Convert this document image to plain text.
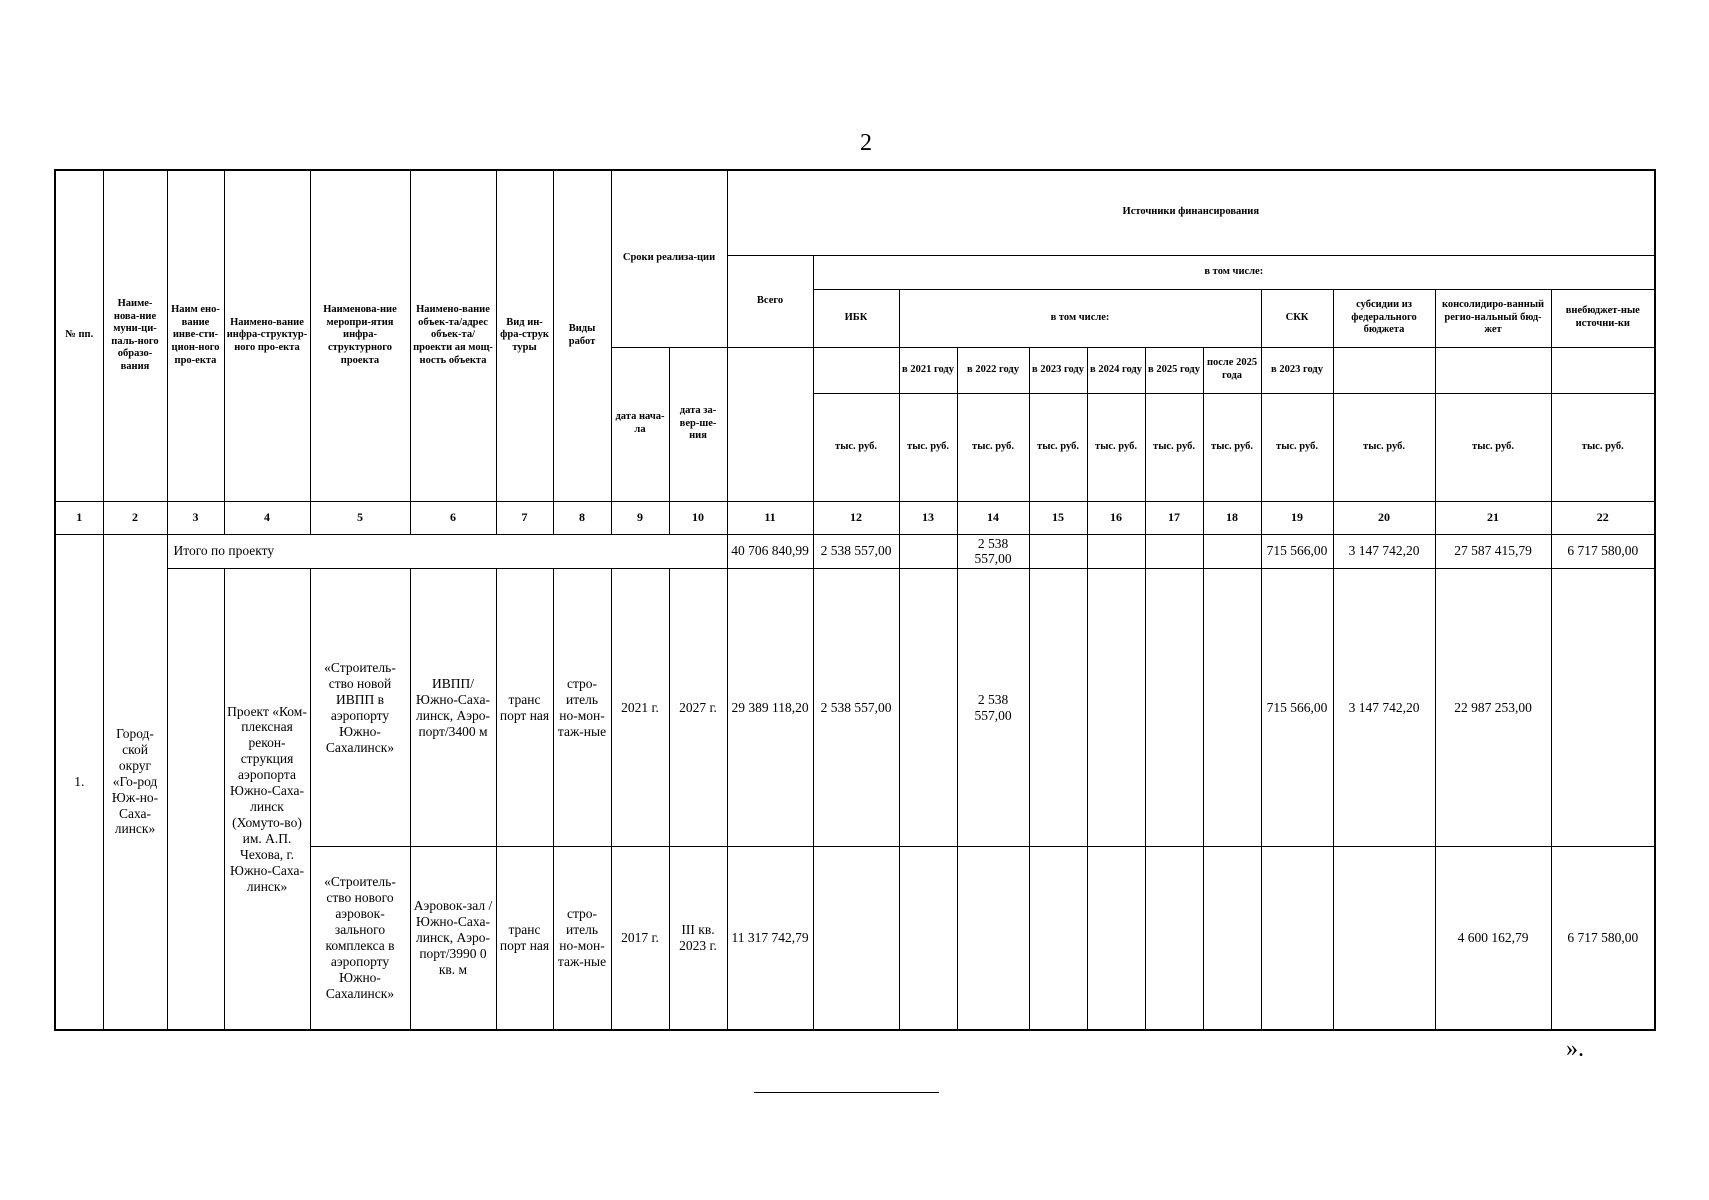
2
№ пп.	Наиме-нова-ние муни-ци-паль-ного образо-вания	Наим ено-вание инве-сти-цион-ного про-екта	Наимено-вание инфра-структур-ного про-екта	Наименова-ние меропри-ятия инфра-структурного проекта	Наимено-вание объек-та/адрес объек-та/проекти ая мощ-ность объекта	Вид ин-фра-струк туры	Виды работ	Сроки реализа-ции		Источники финансирования											
										Всего	в том числе:										
											ИБК	в том числе:						СКК	субсидии из федерального бюджета	консолидиро-ванный регио-нальный бюд-жет	внебюджет-ные источни-ки
								дата нача-ла	дата за-вер-ше-ния			в 2021 году	в 2022 году	в 2023 году	в 2024 году	в 2025 году	после 2025 года	в 2023 году			
											тыс. руб.	тыс. руб.	тыс. руб.	тыс. руб.	тыс. руб.	тыс. руб.	тыс. руб.	тыс. руб.	тыс. руб.	тыс. руб.	тыс. руб.
1	2	3	4	5	6	7	8	9	10	11	12	13	14	15	16	17	18	19	20	21	22
1.	Город-ской округ «Го-род Юж-но-Саха-линск»	Итого по проекту								40 706 840,99	2 538 557,00		2 538 557,00					715 566,00	3 147 742,20	27 587 415,79	6 717 580,00
			Проект «Ком-плексная рекон-струкция аэропорта Южно-Саха-линск (Хомуто-во) им. А.П. Чехова, г. Южно-Саха-линск»	«Строитель-ство новой ИВПП в аэропорту Южно-Сахалинск»	ИВПП/ Южно-Саха-линск, Аэро-порт/3400 м	транс порт ная	стро-итель но-мон-таж-ные	2021 г.	2027 г.	29 389 118,20	2 538 557,00		2 538 557,00					715 566,00	3 147 742,20	22 987 253,00	
				«Строитель-ство нового аэровок-зального комплекса в аэропорту Южно-Сахалинск»	Аэровок-зал / Южно-Саха-линск, Аэро-порт/3990 0 кв. м	транс порт ная	стро-итель но-мон-таж-ные	2017 г.	III кв. 2023 г.	11 317 742,79										4 600 162,79	6 717 580,00
».
